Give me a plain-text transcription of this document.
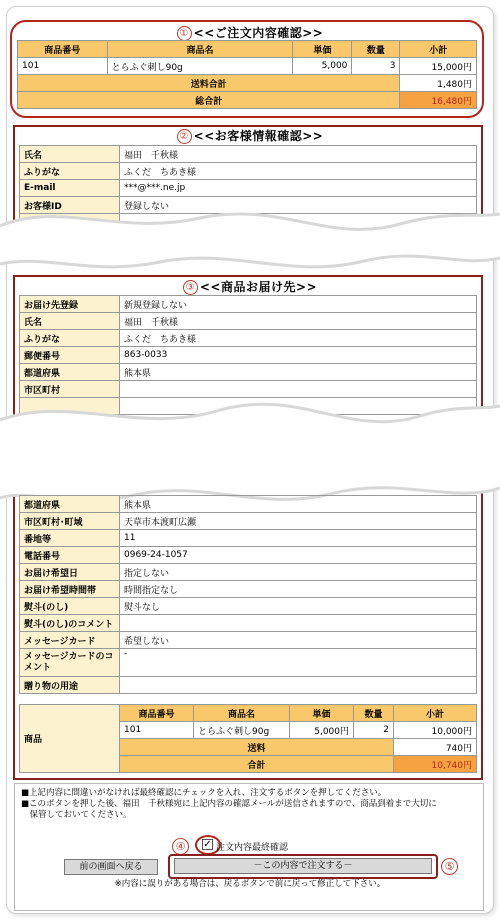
① <<ご注文内容確認>>
商品番号	商品名	単価	数量	小計
101	とらふぐ刺し90g	5,000	3	15,000円
送料合計				1,480円
総合計				16,480円
② <<お客様情報確認>>
氏名	福田　千秋様
ふりがな	ふくだ　ちあき様
E-mail	***@***.ne.jp
お客様ID	登録しない

③ <<商品お届け先>>
お届け先登録	新規登録しない
氏名	福田　千秋様
ふりがな	ふくだ　ちあき様
郵便番号	863-0033
都道府県	熊本県
市区町村	

都道府県	熊本県
市区町村･町域	天草市本渡町広瀬
番地等	11
電話番号	0969-24-1057
お届け希望日	指定しない
お届け希望時間帯	時間指定なし
熨斗(のし)	熨斗なし
熨斗(のし)のコメント	
メッセージカード	希望しない
メッセージカードのコメント	-
贈り物の用途	
商品	商品番号	商品名	単価	数量	小計
	101	とらふぐ刺し90g	5,000円	2	10,000円
	送料				740円
	合計				10,740円

■上記内容に間違いがなければ最終確認にチェックを入れ、注文するボタンを押してください。

■このボタンを押した後、福田　千秋様宛に上記内容の確認メールが送信されますので、商品到着まで大切に

　保管しておいてください。

④	✓ 注文内容最終確認
前の画面へ戻る	－この内容で注文する－	⑤
※内容に誤りがある場合は、戻るボタンで前に戻って修正して下さい。
